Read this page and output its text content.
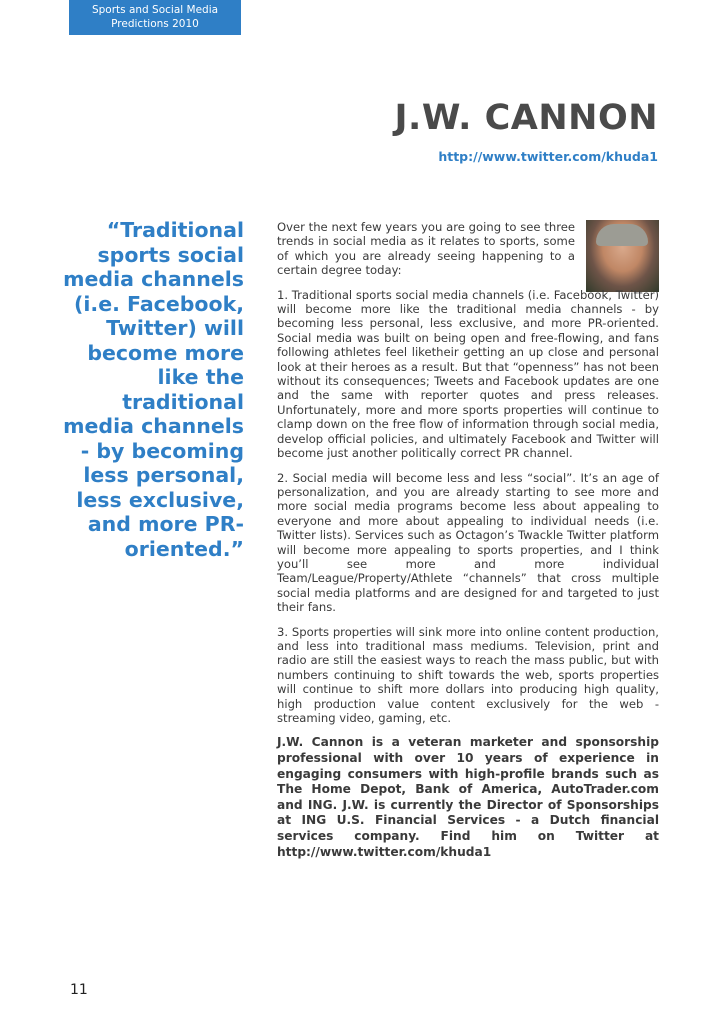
Sports and Social Media
Predictions 2010
J.W. CANNON
http://www.twitter.com/khuda1
“Traditional sports social media channels (i.e. Facebook, Twitter) will become more like the traditional media channels - by becoming less personal, less exclusive, and more PR-oriented.”

Over the next few years you are going to see three trends in social media as it relates to sports, some of which you are already seeing happening to a certain degree today:

1. Traditional sports social media channels (i.e. Facebook, Twitter) will become more like the traditional media channels - by becoming less personal, less exclusive, and more PR-oriented. Social media was built on being open and free-flowing, and fans following athletes feel liketheir getting an up close and personal look at their heroes as a result. But that “openness” has not been without its consequences; Tweets and Facebook updates are one and the same with reporter quotes and press releases. Unfortunately, more and more sports properties will continue to clamp down on the free flow of information through social media, develop official policies, and ultimately Facebook and Twitter will become just another politically correct PR channel.

2. Social media will become less and less “social”. It’s an age of personalization, and you are already starting to see more and more social media programs become less about appealing to everyone and more about appealing to individual needs (i.e. Twitter lists). Services such as Octagon’s Twackle Twitter platform will become more appealing to sports properties, and I think you’ll see more and more individual Team/League/Property/Athlete “channels” that cross multiple social media platforms and are designed for and targeted to just their fans.

3. Sports properties will sink more into online content production, and less into traditional mass mediums. Television, print and radio are still the easiest ways to reach the mass public, but with numbers continuing to shift towards the web, sports properties will continue to shift more dollars into producing high quality, high production value content exclusively for the web - streaming video, gaming, etc.

J.W. Cannon is a veteran marketer and sponsorship professional with over 10 years of experience in engaging consumers with high-profile brands such as The Home Depot, Bank of America, AutoTrader.com and ING. J.W. is currently the Director of Sponsorships at ING U.S. Financial Services - a Dutch financial services company. Find him on Twitter at http://www.twitter.com/khuda1

11
